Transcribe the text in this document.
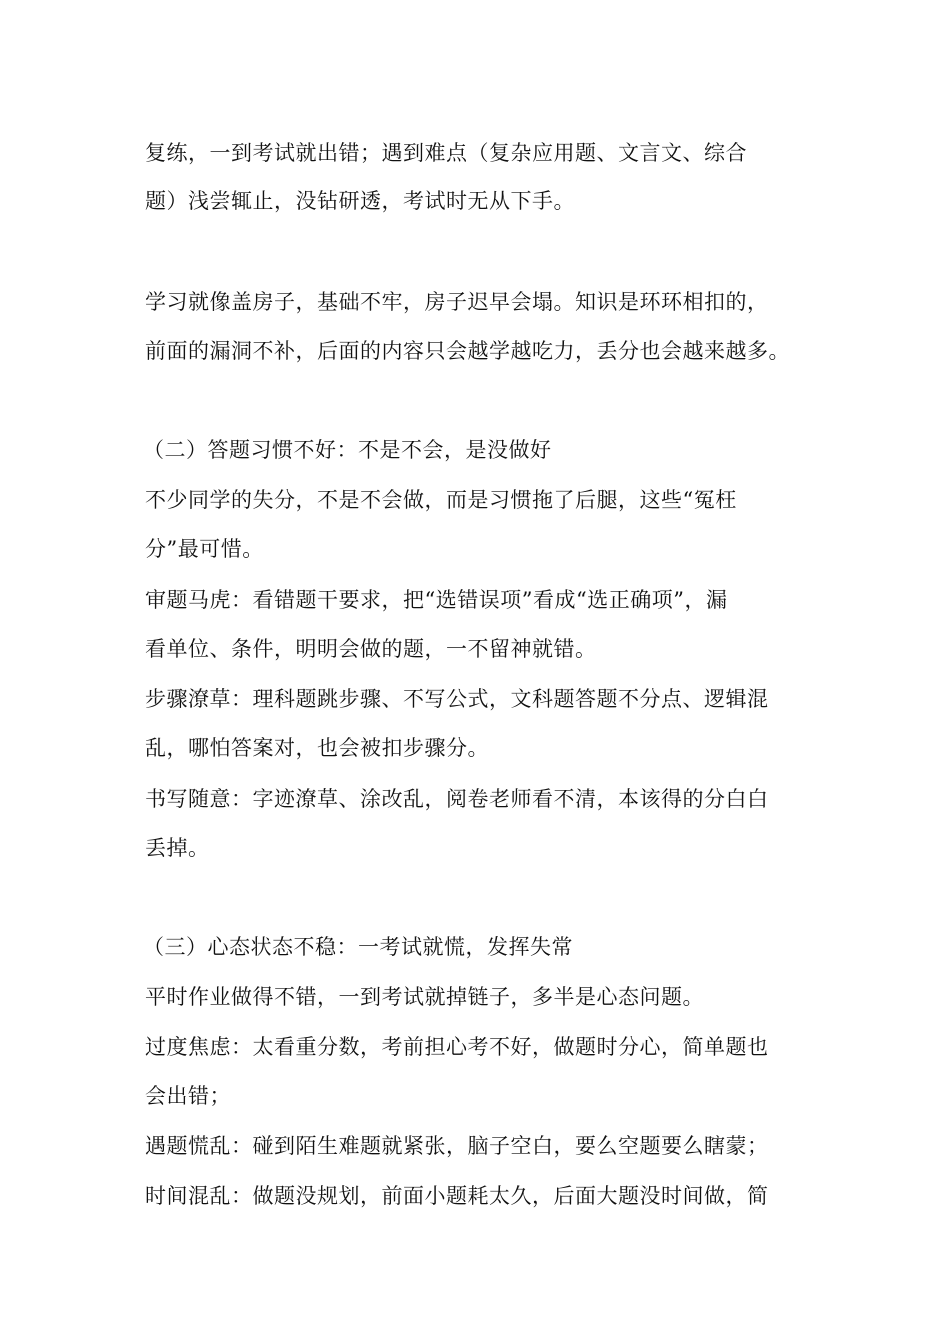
复练，一到考试就出错；遇到难点（复杂应用题、文言文、综合
题）浅尝辄止，没钻研透，考试时无从下手。
学习就像盖房子，基础不牢，房子迟早会塌。知识是环环相扣的，
前面的漏洞不补，后面的内容只会越学越吃力，丢分也会越来越多。
（二）答题习惯不好：不是不会，是没做好
不少同学的失分，不是不会做，而是习惯拖了后腿，这些“冤枉
分”最可惜。
审题马虎：看错题干要求，把“选错误项”看成“选正确项”，漏
看单位、条件，明明会做的题，一不留神就错。
步骤潦草：理科题跳步骤、不写公式，文科题答题不分点、逻辑混
乱，哪怕答案对，也会被扣步骤分。
书写随意：字迹潦草、涂改乱，阅卷老师看不清，本该得的分白白
丢掉。
（三）心态状态不稳：一考试就慌，发挥失常
平时作业做得不错，一到考试就掉链子，多半是心态问题。
过度焦虑：太看重分数，考前担心考不好，做题时分心，简单题也
会出错；
遇题慌乱：碰到陌生难题就紧张，脑子空白，要么空题要么瞎蒙；
时间混乱：做题没规划，前面小题耗太久，后面大题没时间做，简
